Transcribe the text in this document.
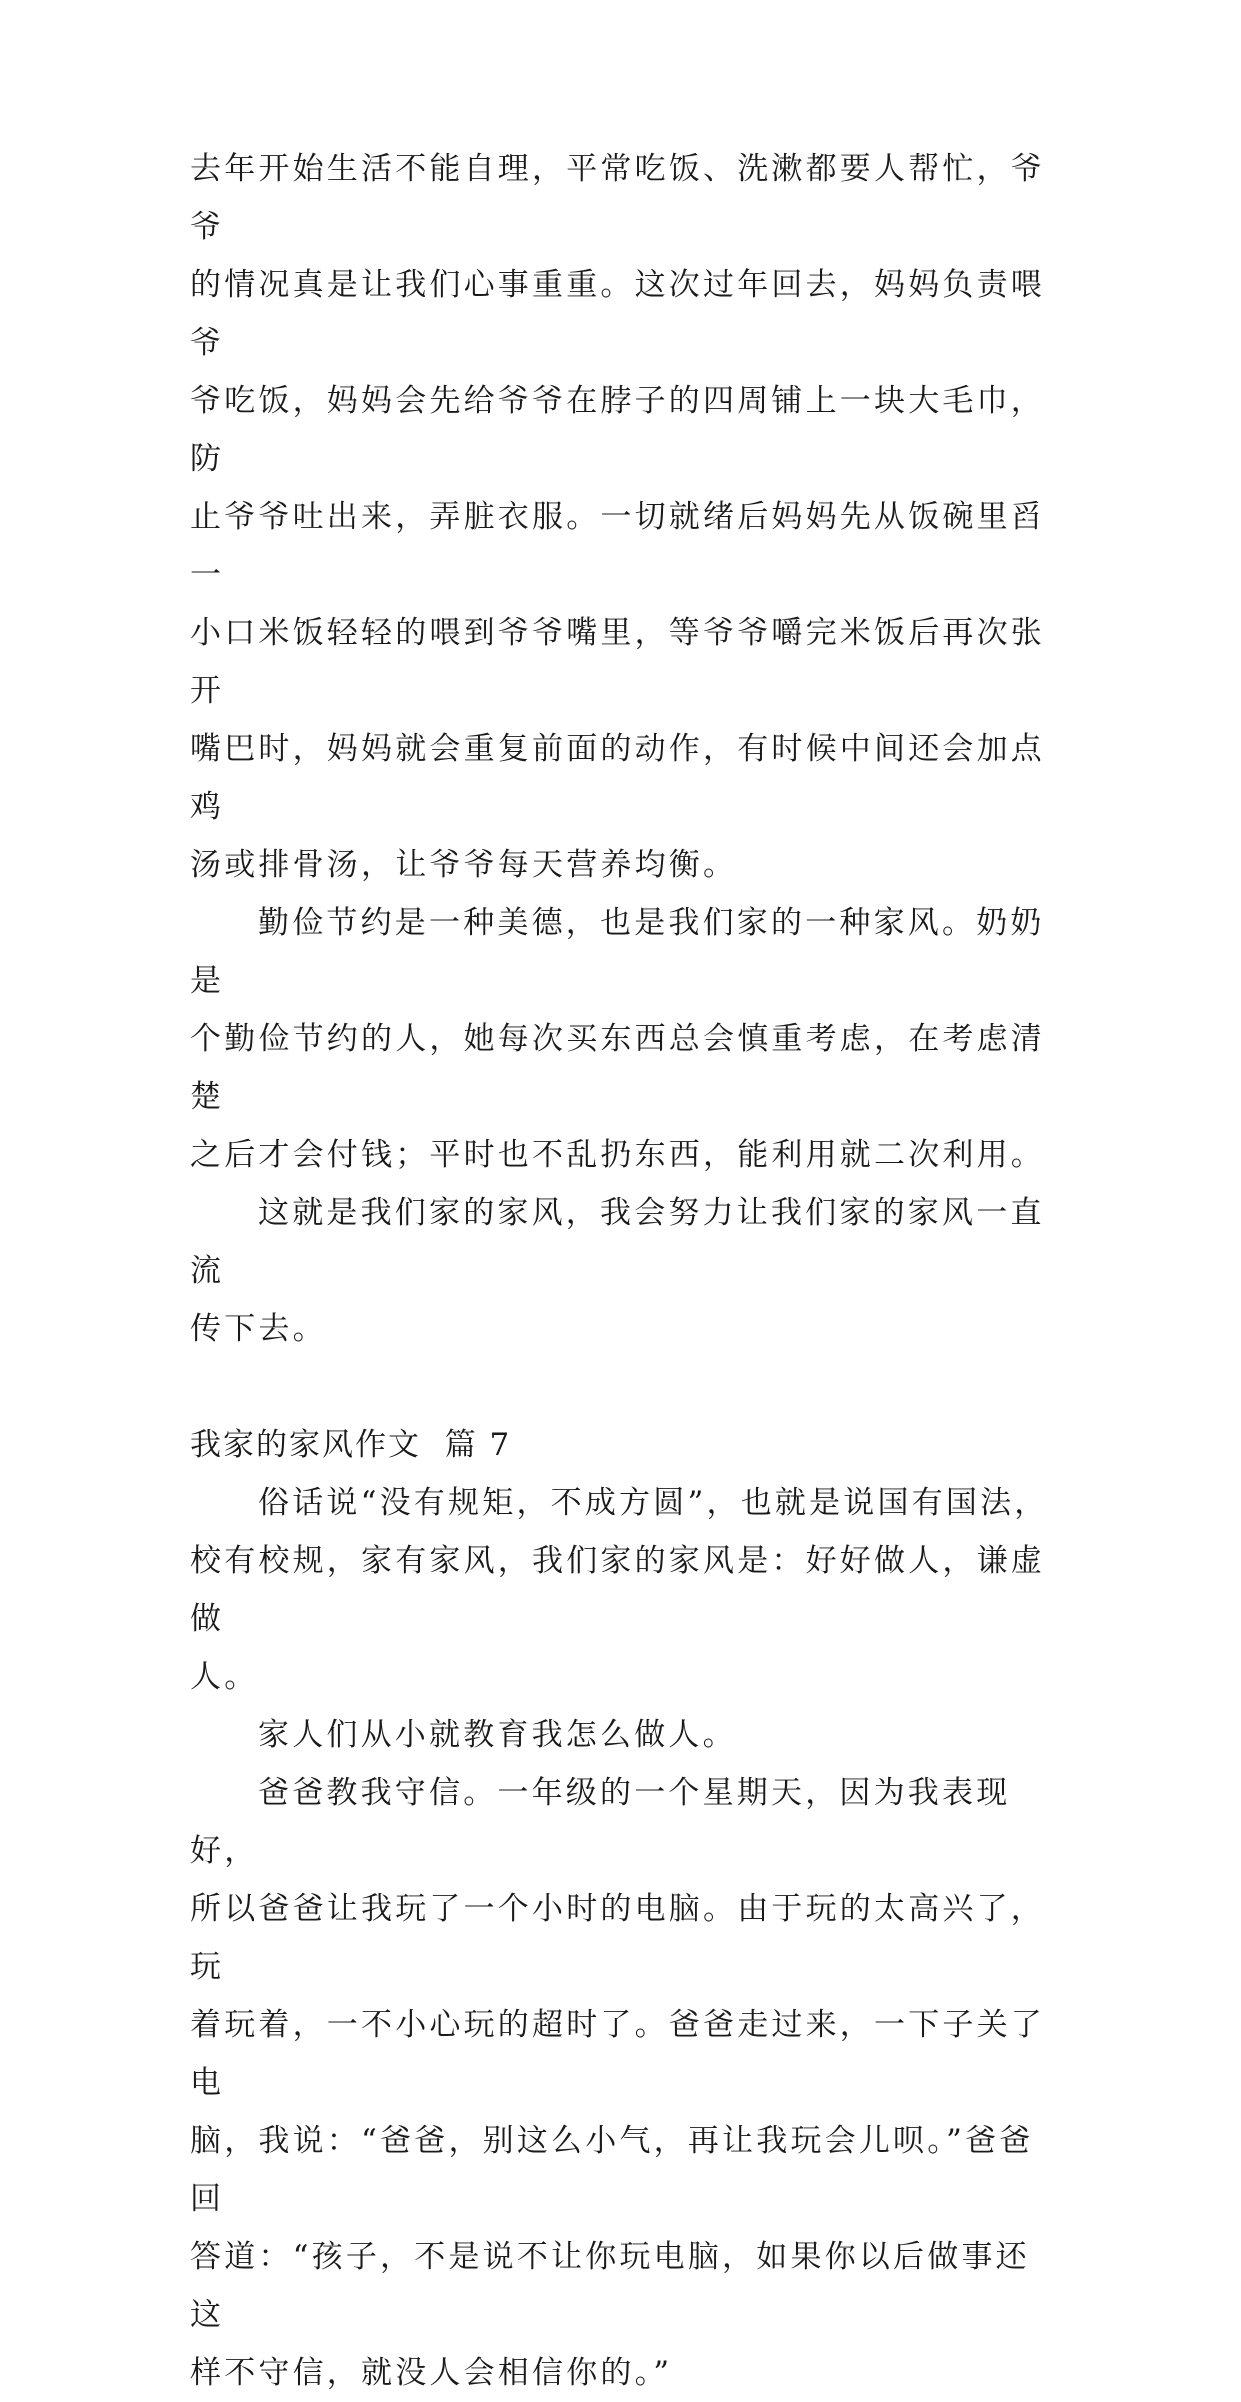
去年开始生活不能自理，平常吃饭、洗漱都要人帮忙，爷爷
的情况真是让我们心事重重。这次过年回去，妈妈负责喂爷
爷吃饭，妈妈会先给爷爷在脖子的四周铺上一块大毛巾，防
止爷爷吐出来，弄脏衣服。一切就绪后妈妈先从饭碗里舀一
小口米饭轻轻的喂到爷爷嘴里，等爷爷嚼完米饭后再次张开
嘴巴时，妈妈就会重复前面的动作，有时候中间还会加点鸡
汤或排骨汤，让爷爷每天营养均衡。
勤俭节约是一种美德，也是我们家的一种家风。奶奶是
个勤俭节约的人，她每次买东西总会慎重考虑，在考虑清楚
之后才会付钱；平时也不乱扔东西，能利用就二次利用。
这就是我们家的家风，我会努力让我们家的家风一直流
传下去。
我家的家风作文  篇 7
俗话说“没有规矩，不成方圆”，也就是说国有国法，
校有校规，家有家风，我们家的家风是：好好做人，谦虚做
人。
家人们从小就教育我怎么做人。
爸爸教我守信。一年级的一个星期天，因为我表现好，
所以爸爸让我玩了一个小时的电脑。由于玩的太高兴了，玩
着玩着，一不小心玩的超时了。爸爸走过来，一下子关了电
脑，我说：“爸爸，别这么小气，再让我玩会儿呗。”爸爸回
答道：“孩子，不是说不让你玩电脑，如果你以后做事还这
样不守信，就没人会相信你的。”
